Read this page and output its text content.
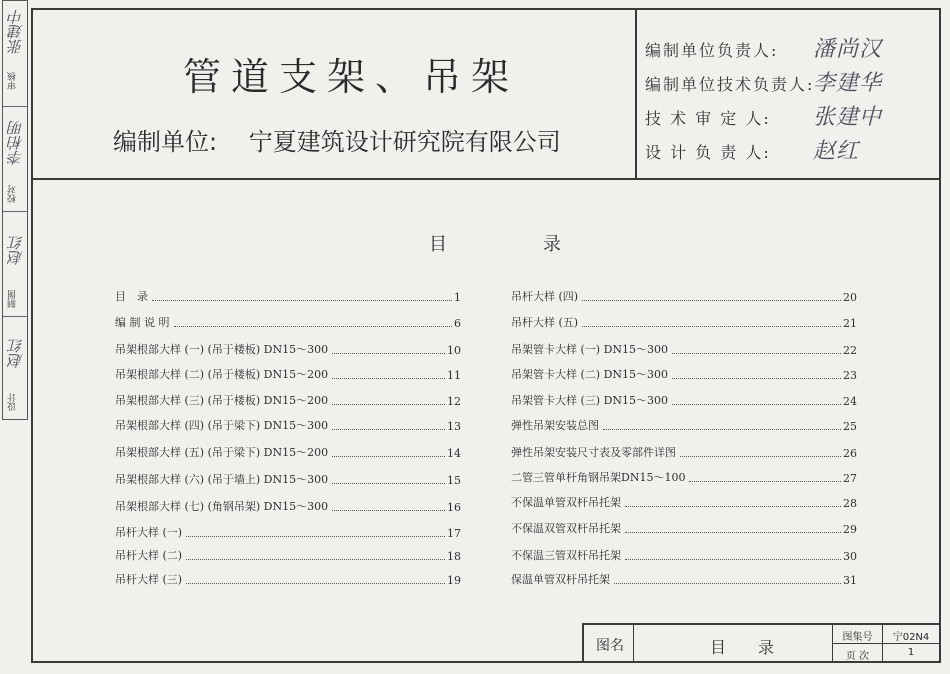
审核
张建中
校对
李柏明
制图
赵红
设计
赵红
管道支架、吊架
编制单位: 宁夏建筑设计研究院有限公司
编制单位负责人: 潘尚汉
编制单位技术负责人:
李建华
技 术 审 定 人: 张建中
设 计 负 责 人: 赵红
目录
目　录	1
编 制 说 明	6
吊架根部大样 (一) (吊于楼板) DN15～300	10
吊架根部大样 (二) (吊于楼板) DN15～200	11
吊架根部大样 (三) (吊于楼板) DN15～200	12
吊架根部大样 (四) (吊于梁下) DN15～300	13
吊架根部大样 (五) (吊于梁下) DN15～200	14
吊架根部大样 (六) (吊于墙上) DN15～300	15
吊架根部大样 (七) (角钢吊架) DN15～300	16
吊杆大样 (一)	17
吊杆大样 (二)	18
吊杆大样 (三)	19
吊杆大样 (四)	20
吊杆大样 (五)	21
吊架管卡大样 (一) DN15～300	22
吊架管卡大样 (二) DN15～300	23
吊架管卡大样 (三) DN15～300	24
弹性吊架安装总图	25
弹性吊架安装尺寸表及零部件详图	26
二管三管单杆角钢吊架DN15～100	27
不保温单管双杆吊托架	28
不保温双管双杆吊托架	29
不保温三管双杆吊托架	30
保温单管双杆吊托架	31
图名	目　　录
图集号	宁02N4
页 次	1
